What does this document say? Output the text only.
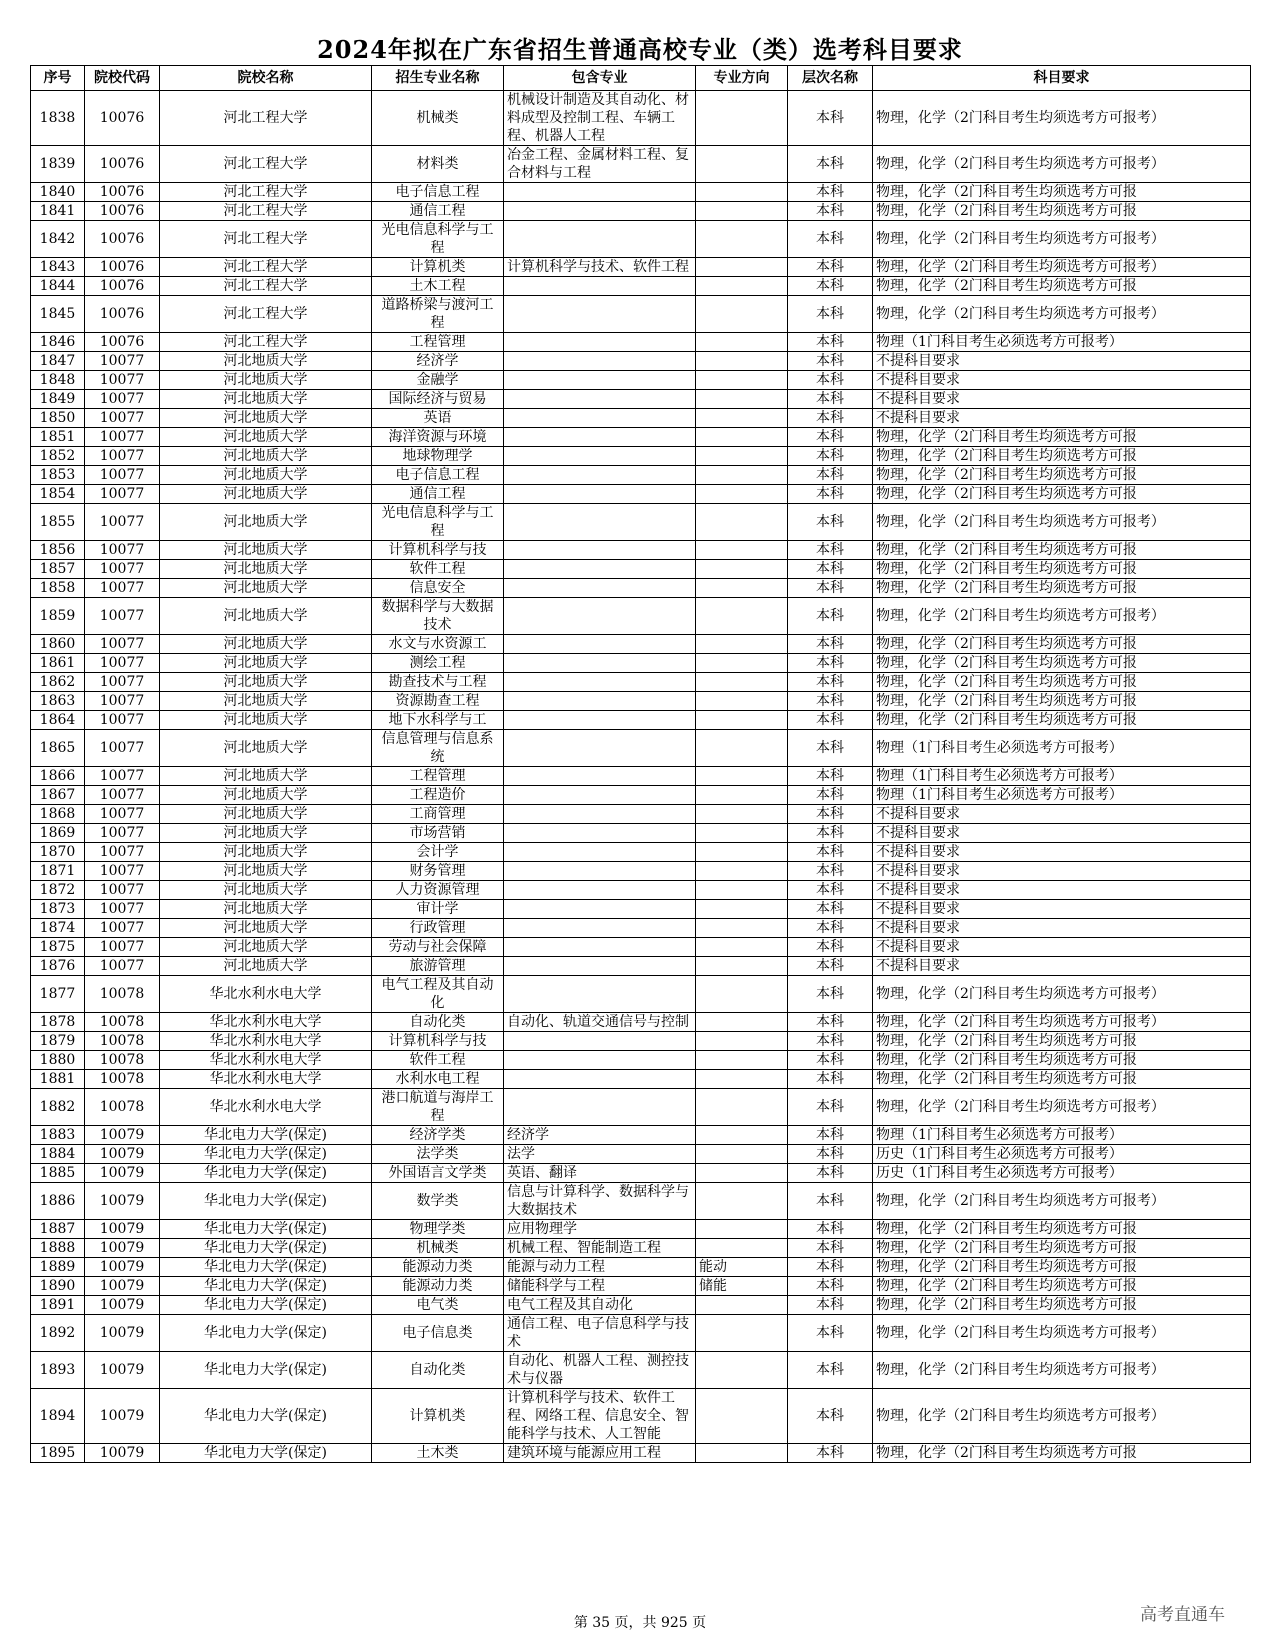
2024年拟在广东省招生普通高校专业（类）选考科目要求
序号	院校代码	院校名称	招生专业名称	包含专业	专业方向	层次名称	科目要求
1838	10076	河北工程大学	机械类	机械设计制造及其自动化、材料成型及控制工程、车辆工程、机器人工程		本科	物理，化学（2门科目考生均须选考方可报考）
1839	10076	河北工程大学	材料类	冶金工程、金属材料工程、复合材料与工程		本科	物理，化学（2门科目考生均须选考方可报考）
1840	10076	河北工程大学	电子信息工程			本科	物理，化学（2门科目考生均须选考方可报
1841	10076	河北工程大学	通信工程			本科	物理，化学（2门科目考生均须选考方可报
1842	10076	河北工程大学	光电信息科学与工程			本科	物理，化学（2门科目考生均须选考方可报考）
1843	10076	河北工程大学	计算机类	计算机科学与技术、软件工程		本科	物理，化学（2门科目考生均须选考方可报考）
1844	10076	河北工程大学	土木工程			本科	物理，化学（2门科目考生均须选考方可报
1845	10076	河北工程大学	道路桥梁与渡河工程			本科	物理，化学（2门科目考生均须选考方可报考）
1846	10076	河北工程大学	工程管理			本科	物理（1门科目考生必须选考方可报考）
1847	10077	河北地质大学	经济学			本科	不提科目要求
1848	10077	河北地质大学	金融学			本科	不提科目要求
1849	10077	河北地质大学	国际经济与贸易			本科	不提科目要求
1850	10077	河北地质大学	英语			本科	不提科目要求
1851	10077	河北地质大学	海洋资源与环境			本科	物理，化学（2门科目考生均须选考方可报
1852	10077	河北地质大学	地球物理学			本科	物理，化学（2门科目考生均须选考方可报
1853	10077	河北地质大学	电子信息工程			本科	物理，化学（2门科目考生均须选考方可报
1854	10077	河北地质大学	通信工程			本科	物理，化学（2门科目考生均须选考方可报
1855	10077	河北地质大学	光电信息科学与工程			本科	物理，化学（2门科目考生均须选考方可报考）
1856	10077	河北地质大学	计算机科学与技			本科	物理，化学（2门科目考生均须选考方可报
1857	10077	河北地质大学	软件工程			本科	物理，化学（2门科目考生均须选考方可报
1858	10077	河北地质大学	信息安全			本科	物理，化学（2门科目考生均须选考方可报
1859	10077	河北地质大学	数据科学与大数据技术			本科	物理，化学（2门科目考生均须选考方可报考）
1860	10077	河北地质大学	水文与水资源工			本科	物理，化学（2门科目考生均须选考方可报
1861	10077	河北地质大学	测绘工程			本科	物理，化学（2门科目考生均须选考方可报
1862	10077	河北地质大学	勘查技术与工程			本科	物理，化学（2门科目考生均须选考方可报
1863	10077	河北地质大学	资源勘查工程			本科	物理，化学（2门科目考生均须选考方可报
1864	10077	河北地质大学	地下水科学与工			本科	物理，化学（2门科目考生均须选考方可报
1865	10077	河北地质大学	信息管理与信息系统			本科	物理（1门科目考生必须选考方可报考）
1866	10077	河北地质大学	工程管理			本科	物理（1门科目考生必须选考方可报考）
1867	10077	河北地质大学	工程造价			本科	物理（1门科目考生必须选考方可报考）
1868	10077	河北地质大学	工商管理			本科	不提科目要求
1869	10077	河北地质大学	市场营销			本科	不提科目要求
1870	10077	河北地质大学	会计学			本科	不提科目要求
1871	10077	河北地质大学	财务管理			本科	不提科目要求
1872	10077	河北地质大学	人力资源管理			本科	不提科目要求
1873	10077	河北地质大学	审计学			本科	不提科目要求
1874	10077	河北地质大学	行政管理			本科	不提科目要求
1875	10077	河北地质大学	劳动与社会保障			本科	不提科目要求
1876	10077	河北地质大学	旅游管理			本科	不提科目要求
1877	10078	华北水利水电大学	电气工程及其自动化			本科	物理，化学（2门科目考生均须选考方可报考）
1878	10078	华北水利水电大学	自动化类	自动化、轨道交通信号与控制		本科	物理，化学（2门科目考生均须选考方可报考）
1879	10078	华北水利水电大学	计算机科学与技			本科	物理，化学（2门科目考生均须选考方可报
1880	10078	华北水利水电大学	软件工程			本科	物理，化学（2门科目考生均须选考方可报
1881	10078	华北水利水电大学	水利水电工程			本科	物理，化学（2门科目考生均须选考方可报
1882	10078	华北水利水电大学	港口航道与海岸工程			本科	物理，化学（2门科目考生均须选考方可报考）
1883	10079	华北电力大学(保定)	经济学类	经济学		本科	物理（1门科目考生必须选考方可报考）
1884	10079	华北电力大学(保定)	法学类	法学		本科	历史（1门科目考生必须选考方可报考）
1885	10079	华北电力大学(保定)	外国语言文学类	英语、翻译		本科	历史（1门科目考生必须选考方可报考）
1886	10079	华北电力大学(保定)	数学类	信息与计算科学、数据科学与大数据技术		本科	物理，化学（2门科目考生均须选考方可报考）
1887	10079	华北电力大学(保定)	物理学类	应用物理学		本科	物理，化学（2门科目考生均须选考方可报
1888	10079	华北电力大学(保定)	机械类	机械工程、智能制造工程		本科	物理，化学（2门科目考生均须选考方可报
1889	10079	华北电力大学(保定)	能源动力类	能源与动力工程	能动	本科	物理，化学（2门科目考生均须选考方可报
1890	10079	华北电力大学(保定)	能源动力类	储能科学与工程	储能	本科	物理，化学（2门科目考生均须选考方可报
1891	10079	华北电力大学(保定)	电气类	电气工程及其自动化		本科	物理，化学（2门科目考生均须选考方可报
1892	10079	华北电力大学(保定)	电子信息类	通信工程、电子信息科学与技术		本科	物理，化学（2门科目考生均须选考方可报考）
1893	10079	华北电力大学(保定)	自动化类	自动化、机器人工程、测控技术与仪器		本科	物理，化学（2门科目考生均须选考方可报考）
1894	10079	华北电力大学(保定)	计算机类	计算机科学与技术、软件工程、网络工程、信息安全、智能科学与技术、人工智能		本科	物理，化学（2门科目考生均须选考方可报考）
1895	10079	华北电力大学(保定)	土木类	建筑环境与能源应用工程		本科	物理，化学（2门科目考生均须选考方可报
第 35 页，共 925 页	高考直通车
